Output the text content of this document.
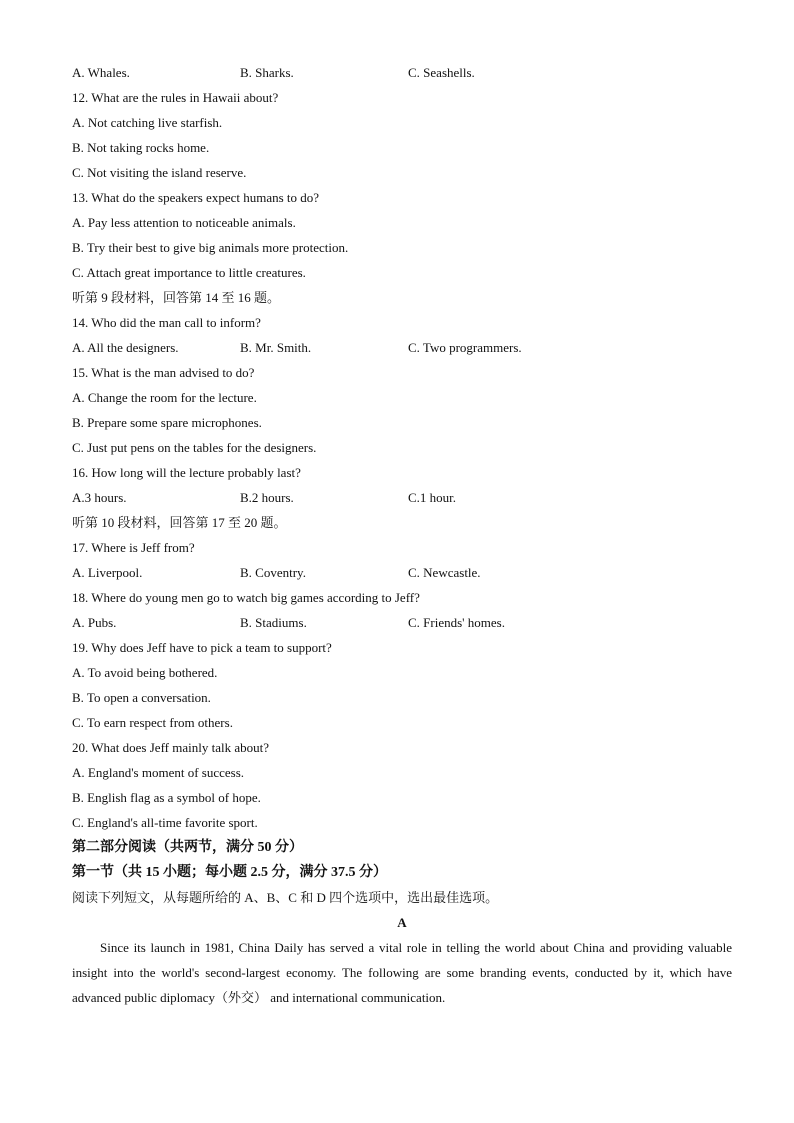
A. Whales.	B. Sharks.	C. Seashells.
12. What are the rules in Hawaii about?
A. Not catching live starfish.
B. Not taking rocks home.
C. Not visiting the island reserve.
13. What do the speakers expect humans to do?
A. Pay less attention to noticeable animals.
B. Try their best to give big animals more protection.
C. Attach great importance to little creatures.
听第 9 段材料，回答第 14 至 16 题。
14. Who did the man call to inform?
A. All the designers.	B. Mr. Smith.	C. Two programmers.
15. What is the man advised to do?
A. Change the room for the lecture.
B. Prepare some spare microphones.
C. Just put pens on the tables for the designers.
16. How long will the lecture probably last?
A.3 hours.	B.2 hours.	C.1 hour.
听第 10 段材料，回答第 17 至 20 题。
17. Where is Jeff from?
A. Liverpool.	B. Coventry.	C. Newcastle.
18. Where do young men go to watch big games according to Jeff?
A. Pubs.	B. Stadiums.	C. Friends' homes.
19. Why does Jeff have to pick a team to support?
A. To avoid being bothered.
B. To open a conversation.
C. To earn respect from others.
20. What does Jeff mainly talk about?
A. England's moment of success.
B. English flag as a symbol of hope.
C. England's all-time favorite sport.
第二部分阅读（共两节，满分 50 分）
第一节（共 15 小题；每小题 2.5 分，满分 37.5 分）
阅读下列短文，从每题所给的 A、B、C 和 D 四个选项中，选出最佳选项。
A

Since its launch in 1981, China Daily has served a vital role in telling the world about China and providing valuable insight into the world's second-largest economy. The following are some branding events, conducted by it, which have advanced public diplomacy（外交） and international communication.
